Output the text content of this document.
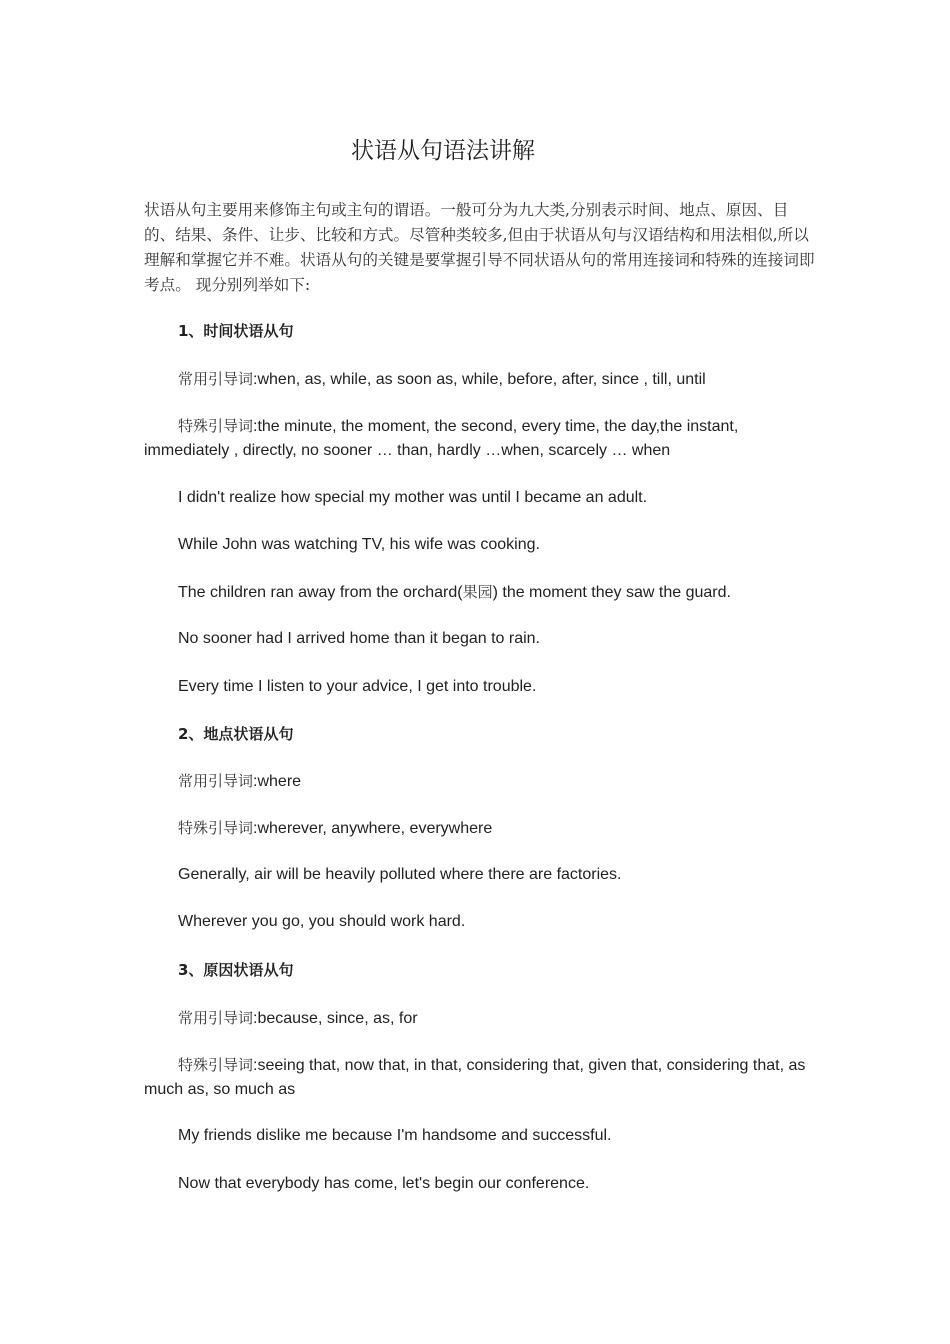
状语从句语法讲解
状语从句主要用来修饰主句或主句的谓语。一般可分为九大类,分别表示时间、地点、原因、目的、结果、条件、让步、比较和方式。尽管种类较多,但由于状语从句与汉语结构和用法相似,所以理解和掌握它并不难。状语从句的关键是要掌握引导不同状语从句的常用连接词和特殊的连接词即考点。 现分别列举如下:
1、时间状语从句
常用引导词:when, as, while, as soon as, while, before, after, since , till, until
特殊引导词:the minute, the moment, the second, every time, the day,the instant, immediately , directly, no sooner … than, hardly …when, scarcely … when
I didn't realize how special my mother was until I became an adult.
While John was watching TV, his wife was cooking.
The children ran away from the orchard(果园) the moment they saw the guard.
No sooner had I arrived home than it began to rain.
Every time I listen to your advice, I get into trouble.
2、地点状语从句
常用引导词:where
特殊引导词:wherever, anywhere, everywhere
Generally, air will be heavily polluted where there are factories.
Wherever you go, you should work hard.
3、原因状语从句
常用引导词:because, since, as, for
特殊引导词:seeing that, now that, in that, considering that, given that, considering that, as much as, so much as
My friends dislike me because I'm handsome and successful.
Now that everybody has come, let's begin our conference.
